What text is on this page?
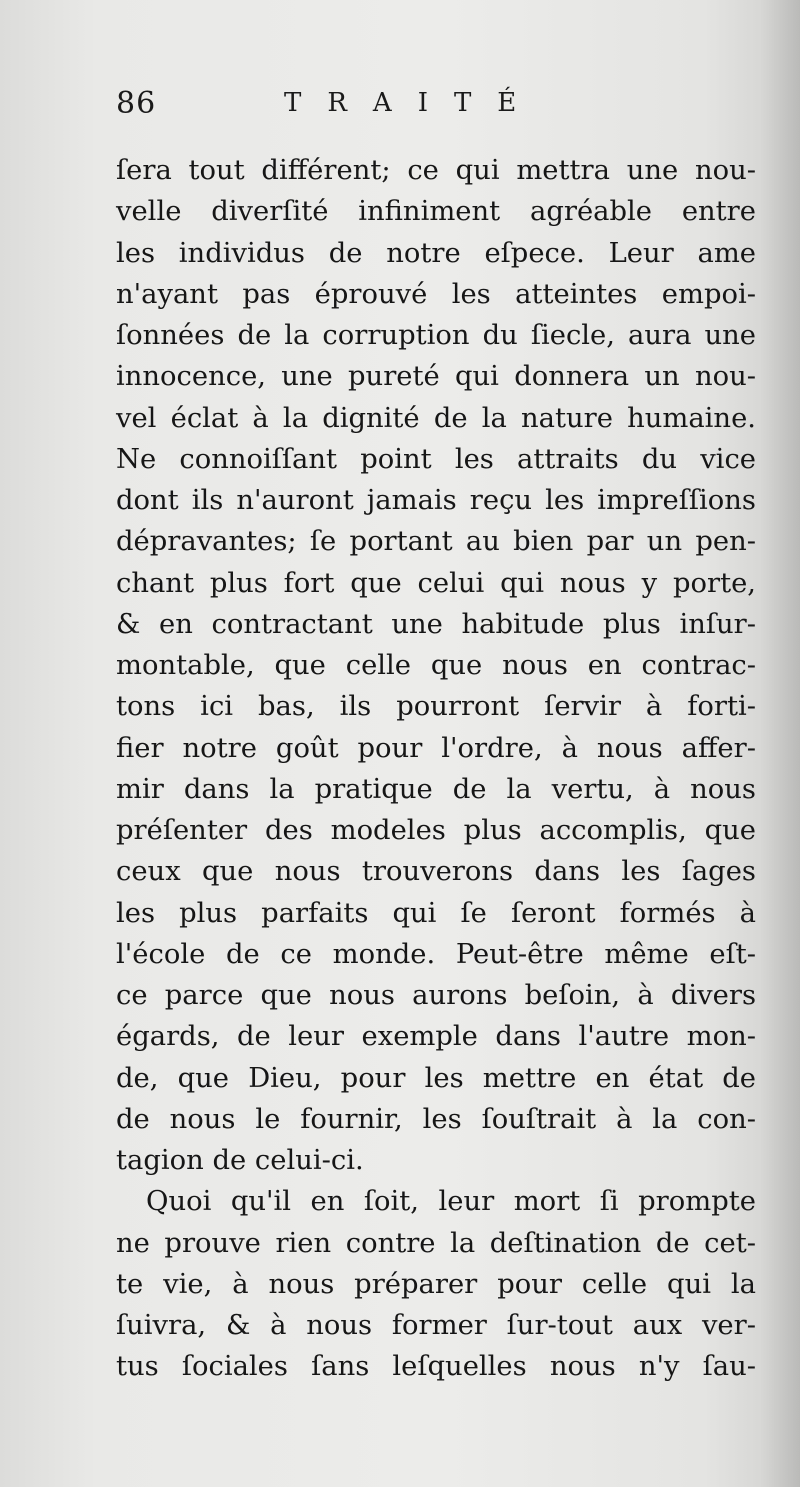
86	TRAITÉ
ſera tout différent; ce qui mettra une nou-
velle diverſité infiniment agréable entre
les individus de notre eſpece. Leur ame
n'ayant pas éprouvé les atteintes empoi-
ſonnées de la corruption du ſiecle, aura une
innocence, une pureté qui donnera un nou-
vel éclat à la dignité de la nature humaine.
Ne connoiſſant point les attraits du vice
dont ils n'auront jamais reçu les impreſſions
dépravantes; ſe portant au bien par un pen-
chant plus fort que celui qui nous y porte,
& en contractant une habitude plus inſur-
montable, que celle que nous en contrac-
tons ici bas, ils pourront ſervir à forti-
fier notre goût pour l'ordre, à nous affer-
mir dans la pratique de la vertu, à nous
préſenter des modeles plus accomplis, que
ceux que nous trouverons dans les ſages
les plus parfaits qui ſe ſeront formés à
l'école de ce monde. Peut-être même eſt-
ce parce que nous aurons beſoin, à divers
égards, de leur exemple dans l'autre mon-
de, que Dieu, pour les mettre en état de
de nous le fournir, les ſouſtrait à la con-
tagion de celui-ci.
Quoi qu'il en ſoit, leur mort ſi prompte
ne prouve rien contre la deſtination de cet-
te vie, à nous préparer pour celle qui la
ſuivra, & à nous former ſur-tout aux ver-
tus ſociales ſans leſquelles nous n'y ſau-
